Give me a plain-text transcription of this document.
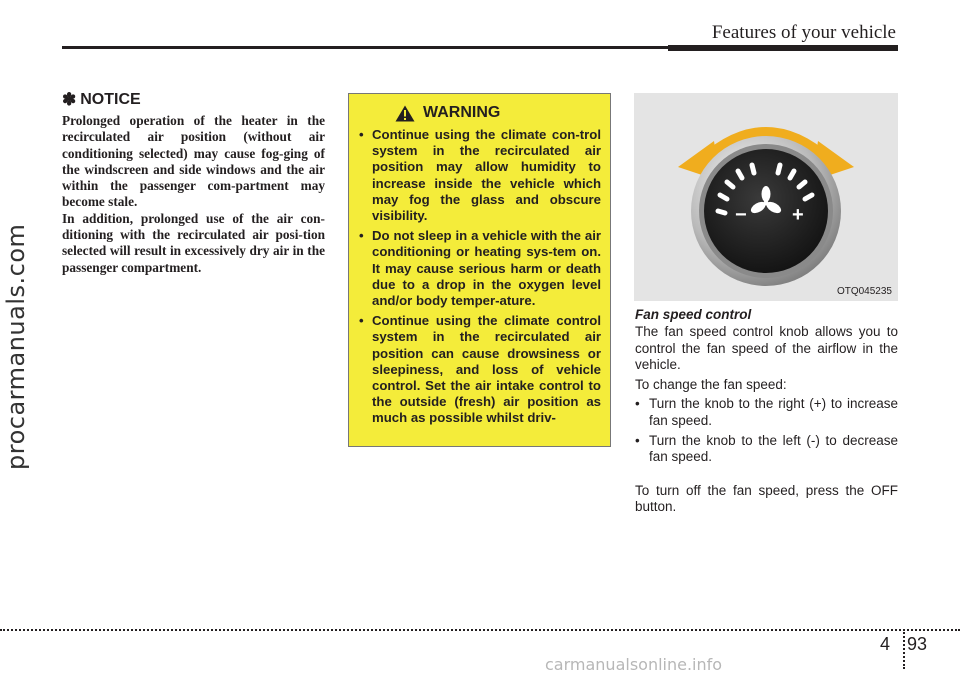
Features of your vehicle
procarmanuals.com
✽ NOTICE

Prolonged operation of the heater in the recirculated air position (without air conditioning selected) may cause fog-ging of the windscreen and side windows and the air within the passenger com-partment may become stale.

In addition, prolonged use of the air con-ditioning with the recirculated air posi-tion selected will result in excessively dry air in the passenger compartment.

WARNING
• Continue using the climate con-trol system in the recirculated air position may allow humidity to increase inside the vehicle which may fog the glass and obscure visibility.
• Do not sleep in a vehicle with the air conditioning or heating sys-tem on. It may cause serious harm or death due to a drop in the oxygen level and/or body temper-ature.
• Continue using the climate control system in the recirculated air position can cause drowsiness or sleepiness, and loss of vehicle control. Set the air intake control to the outside (fresh) air position as much as possible whilst driv-
− +
OTQ045235
Fan speed control

The fan speed control knob allows you to control the fan speed of the airflow in the vehicle.

To change the fan speed:

• Turn the knob to the right (+) to increase fan speed.
• Turn the knob to the left (-) to decrease fan speed.

To turn off the fan speed, press the OFF button.

4 93
carmanualsonline.info
